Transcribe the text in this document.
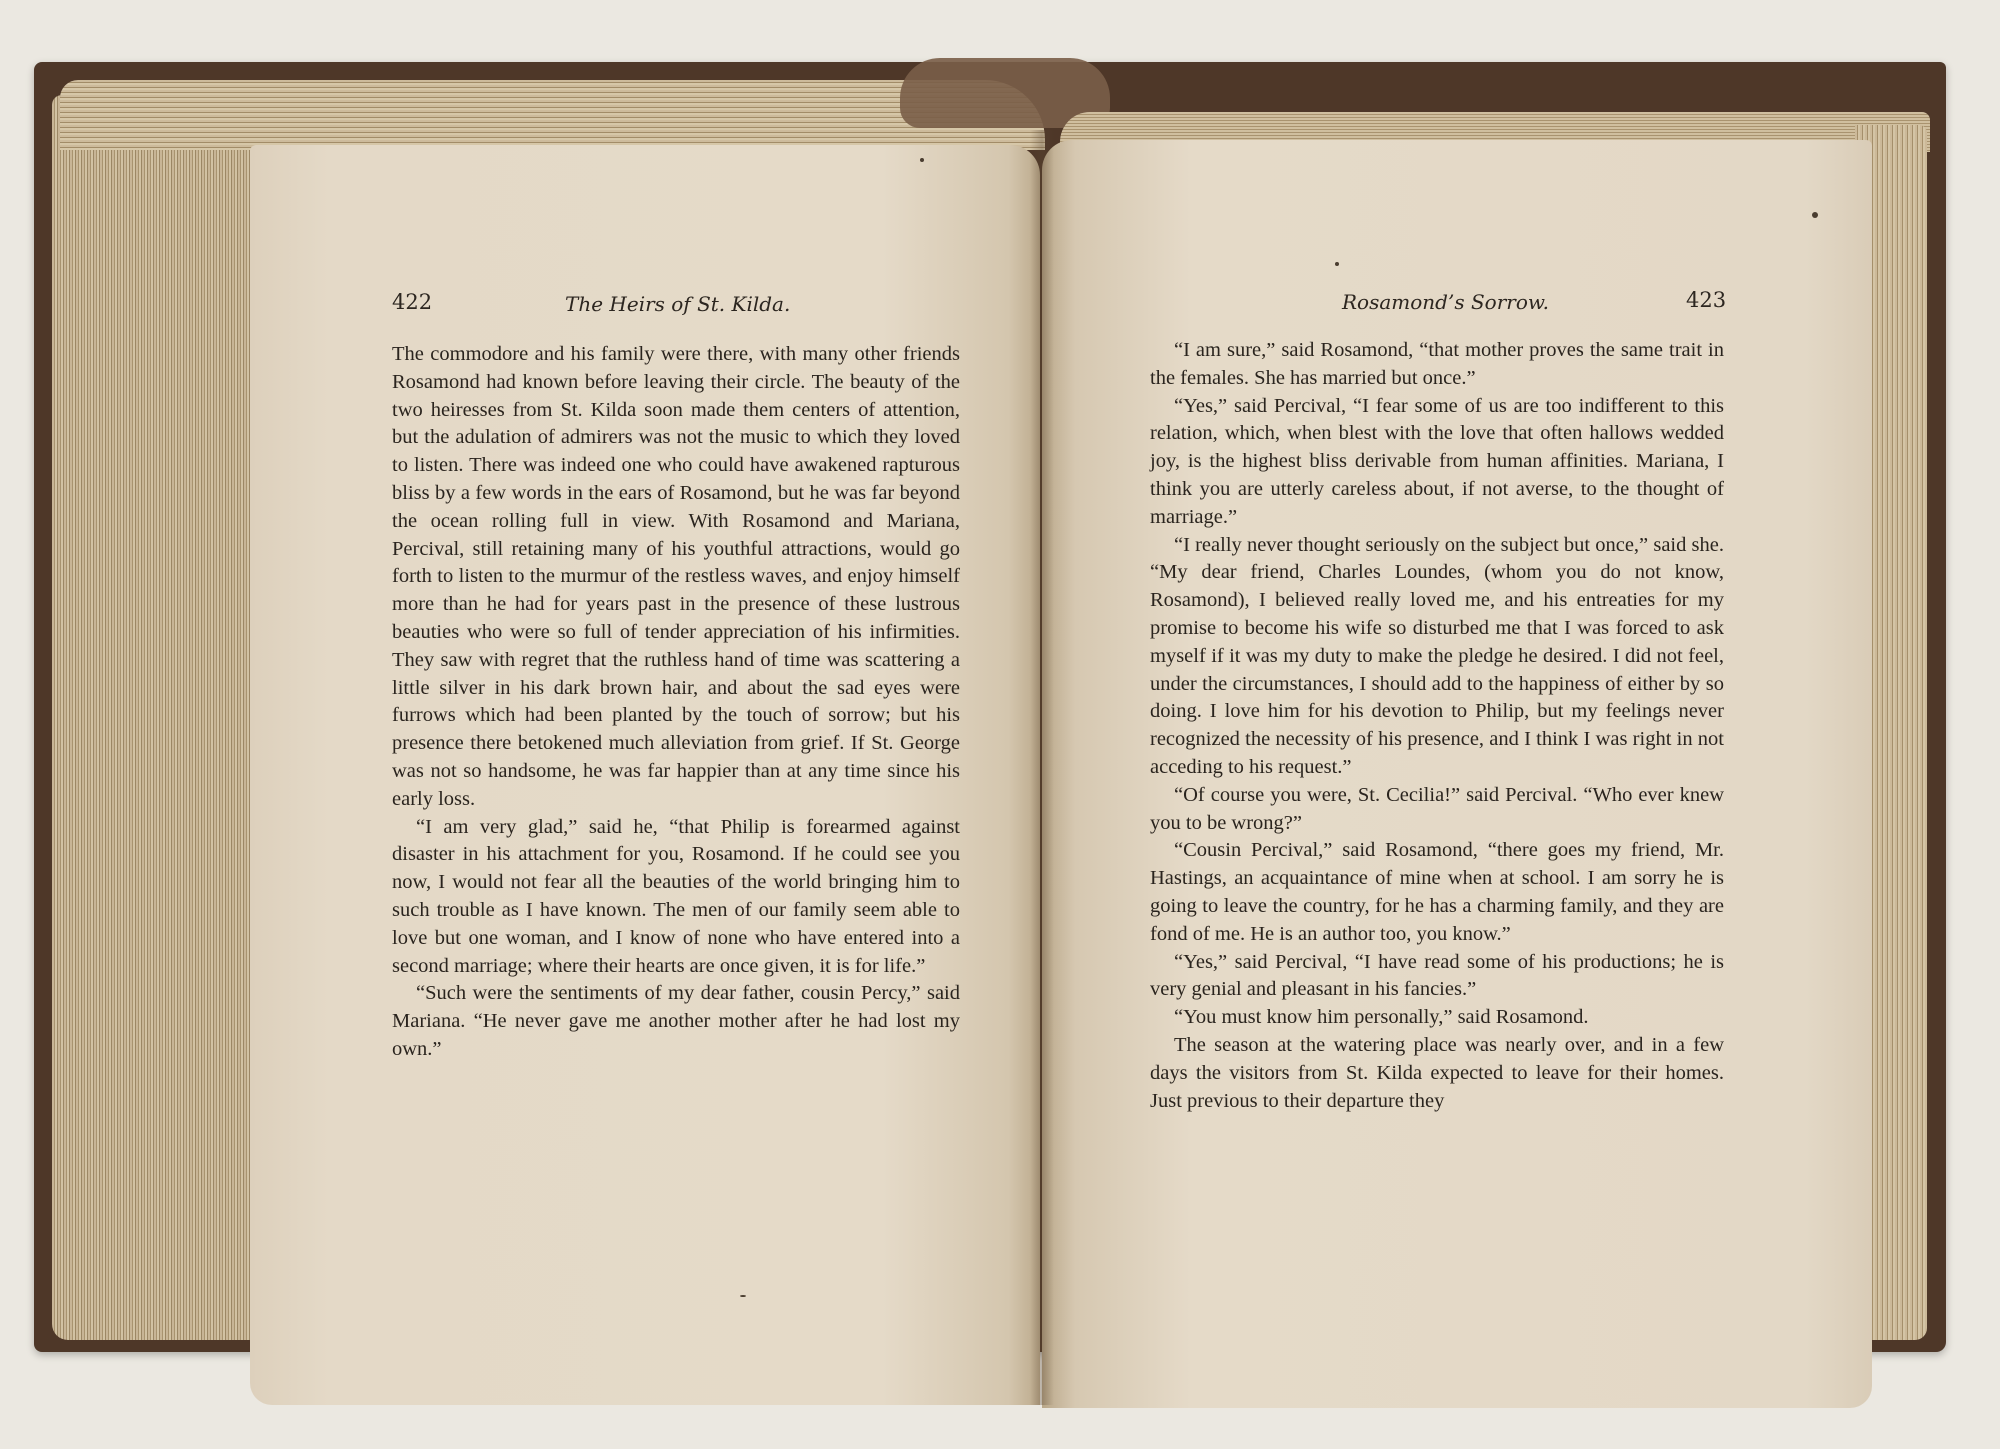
422	The Heirs of St. Kilda.	Rosamond’s Sorrow.	423

The commodore and his family were there, with many other friends Rosamond had known before leaving their circle. The beauty of the two heiresses from St. Kilda soon made them centers of attention, but the adulation of admirers was not the music to which they loved to listen. There was indeed one who could have awakened rapturous bliss by a few words in the ears of Rosamond, but he was far beyond the ocean rolling full in view. With Rosamond and Mariana, Percival, still retaining many of his youthful attractions, would go forth to listen to the murmur of the restless waves, and enjoy himself more than he had for years past in the presence of these lustrous beauties who were so full of tender appreciation of his infirmities. They saw with regret that the ruthless hand of time was scattering a little silver in his dark brown hair, and about the sad eyes were furrows which had been planted by the touch of sorrow; but his presence there betokened much alleviation from grief. If St. George was not so handsome, he was far happier than at any time since his early loss.

“I am very glad,” said he, “that Philip is forearmed against disaster in his attachment for you, Rosamond. If he could see you now, I would not fear all the beauties of the world bringing him to such trouble as I have known. The men of our family seem able to love but one woman, and I know of none who have entered into a second marriage; where their hearts are once given, it is for life.”

“Such were the sentiments of my dear father, cousin Percy,” said Mariana. “He never gave me another mother after he had lost my own.”

“I am sure,” said Rosamond, “that mother proves the same trait in the females. She has married but once.”

“Yes,” said Percival, “I fear some of us are too indifferent to this relation, which, when blest with the love that often hallows wedded joy, is the highest bliss derivable from human affinities. Mariana, I think you are utterly careless about, if not averse, to the thought of marriage.”

“I really never thought seriously on the subject but once,” said she. “My dear friend, Charles Loundes, (whom you do not know, Rosamond), I believed really loved me, and his entreaties for my promise to become his wife so disturbed me that I was forced to ask myself if it was my duty to make the pledge he desired. I did not feel, under the circumstances, I should add to the happiness of either by so doing. I love him for his devotion to Philip, but my feelings never recognized the necessity of his presence, and I think I was right in not acceding to his request.”

“Of course you were, St. Cecilia!” said Percival. “Who ever knew you to be wrong?”

“Cousin Percival,” said Rosamond, “there goes my friend, Mr. Hastings, an acquaintance of mine when at school. I am sorry he is going to leave the country, for he has a charming family, and they are fond of me. He is an author too, you know.”

“Yes,” said Percival, “I have read some of his productions; he is very genial and pleasant in his fancies.”

“You must know him personally,” said Rosamond.

The season at the watering place was nearly over, and in a few days the visitors from St. Kilda expected to leave for their homes. Just previous to their departure they
